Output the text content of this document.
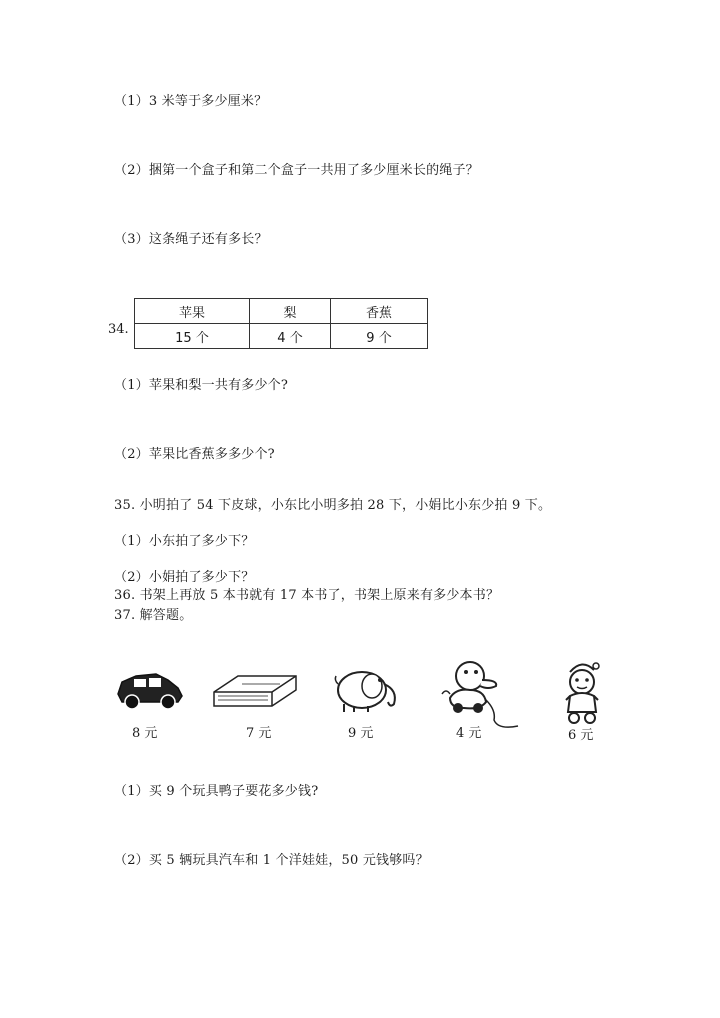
（1）3 米等于多少厘米？
（2）捆第一个盒子和第二个盒子一共用了多少厘米长的绳子？
（3）这条绳子还有多长？
34.
苹果	梨	香蕉
15 个	4 个	9 个
（1）苹果和梨一共有多少个?
（2）苹果比香蕉多多少个?
35. 小明拍了 54 下皮球，小东比小明多拍 28 下，小娟比小东少拍 9 下。
（1）小东拍了多少下？
（2）小娟拍了多少下？
36. 书架上再放 5 本书就有 17 本书了，书架上原来有多少本书？
37. 解答题。
8 元	7 元	9 元	4 元	6 元
（1）买 9 个玩具鸭子要花多少钱?
（2）买 5 辆玩具汽车和 1 个洋娃娃，50 元钱够吗？
